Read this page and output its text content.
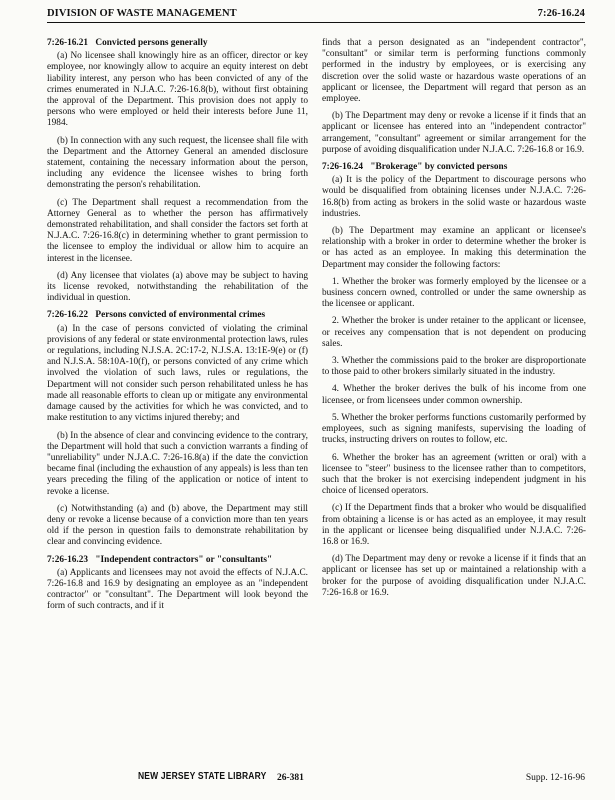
DIVISION OF WASTE MANAGEMENT	7:26-16.24
7:26-16.21 Convicted persons generally

(a) No licensee shall knowingly hire as an officer, director or key employee, nor knowingly allow to acquire an equity interest on debt liability interest, any person who has been convicted of any of the crimes enumerated in N.J.A.C. 7:26-16.8(b), without first obtaining the approval of the Department. This provision does not apply to persons who were employed or held their interests before June 11, 1984.

(b) In connection with any such request, the licensee shall file with the Department and the Attorney General an amended disclosure statement, containing the necessary information about the person, including any evidence the licensee wishes to bring forth demonstrating the person's rehabilitation.

(c) The Department shall request a recommendation from the Attorney General as to whether the person has affirmatively demonstrated rehabilitation, and shall consider the factors set forth at N.J.A.C. 7:26-16.8(c) in determining whether to grant permission to the licensee to employ the individual or allow him to acquire an interest in the licensee.

(d) Any licensee that violates (a) above may be subject to having its license revoked, notwithstanding the rehabilitation of the individual in question.

7:26-16.22 Persons convicted of environmental crimes

(a) In the case of persons convicted of violating the criminal provisions of any federal or state environmental protection laws, rules or regulations, including N.J.S.A. 2C:17-2, N.J.S.A. 13:1E-9(e) or (f) and N.J.S.A. 58:10A-10(f), or persons convicted of any crime which involved the violation of such laws, rules or regulations, the Department will not consider such person rehabilitated unless he has made all reasonable efforts to clean up or mitigate any environmental damage caused by the activities for which he was convicted, and to make restitution to any victims injured thereby; and

(b) In the absence of clear and convincing evidence to the contrary, the Department will hold that such a conviction warrants a finding of "unreliability" under N.J.A.C. 7:26-16.8(a) if the date the conviction became final (including the exhaustion of any appeals) is less than ten years preceding the filing of the application or notice of intent to revoke a license.

(c) Notwithstanding (a) and (b) above, the Department may still deny or revoke a license because of a conviction more than ten years old if the person in question fails to demonstrate rehabilitation by clear and convincing evidence.

7:26-16.23 "Independent contractors" or "consultants"

(a) Applicants and licensees may not avoid the effects of N.J.A.C. 7:26-16.8 and 16.9 by designating an employee as an "independent contractor" or "consultant". The Department will look beyond the form of such contracts, and if it

finds that a person designated as an "independent contractor", "consultant" or similar term is performing functions commonly performed in the industry by employees, or is exercising any discretion over the solid waste or hazardous waste operations of an applicant or licensee, the Department will regard that person as an employee.

(b) The Department may deny or revoke a license if it finds that an applicant or licensee has entered into an "independent contractor" arrangement, "consultant" agreement or similar arrangement for the purpose of avoiding disqualification under N.J.A.C. 7:26-16.8 or 16.9.

7:26-16.24 "Brokerage" by convicted persons

(a) It is the policy of the Department to discourage persons who would be disqualified from obtaining licenses under N.J.A.C. 7:26-16.8(b) from acting as brokers in the solid waste or hazardous waste industries.

(b) The Department may examine an applicant or licensee's relationship with a broker in order to determine whether the broker is or has acted as an employee. In making this determination the Department may consider the following factors:

1. Whether the broker was formerly employed by the licensee or a business concern owned, controlled or under the same ownership as the licensee or applicant.

2. Whether the broker is under retainer to the applicant or licensee, or receives any compensation that is not dependent on producing sales.

3. Whether the commissions paid to the broker are disproportionate to those paid to other brokers similarly situated in the industry.

4. Whether the broker derives the bulk of his income from one licensee, or from licensees under common ownership.

5. Whether the broker performs functions customarily performed by employees, such as signing manifests, supervising the loading of trucks, instructing drivers on routes to follow, etc.

6. Whether the broker has an agreement (written or oral) with a licensee to "steer" business to the licensee rather than to competitors, such that the broker is not exercising independent judgment in his choice of licensed operators.

(c) If the Department finds that a broker who would be disqualified from obtaining a license is or has acted as an employee, it may result in the applicant or licensee being disqualified under N.J.A.C. 7:26-16.8 or 16.9.

(d) The Department may deny or revoke a license if it finds that an applicant or licensee has set up or maintained a relationship with a broker for the purpose of avoiding disqualification under N.J.A.C. 7:26-16.8 or 16.9.

NEW JERSEY STATE LIBRARY 26-381	Supp. 12-16-96
